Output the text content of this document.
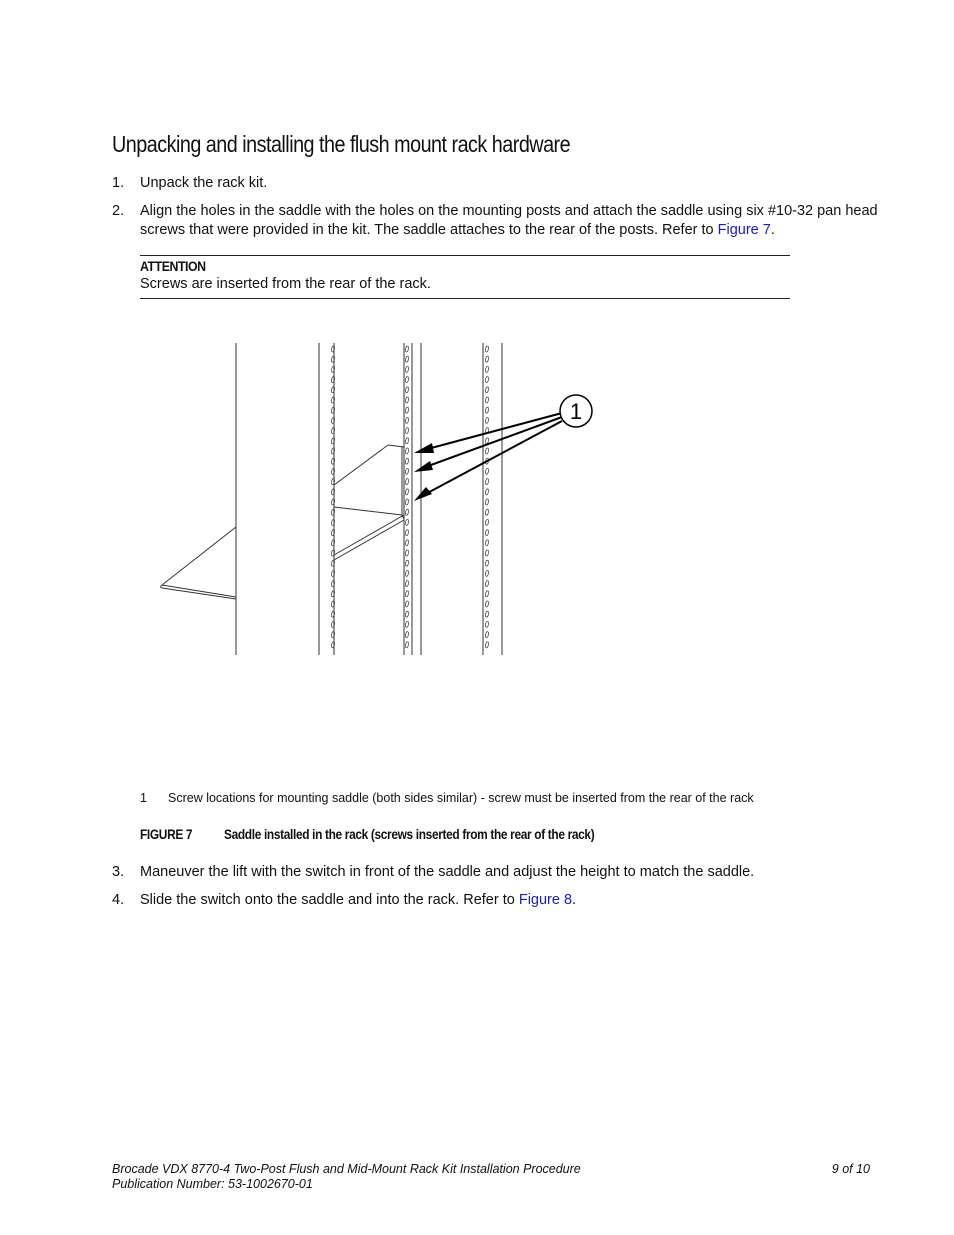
Unpacking and installing the flush mount rack hardware
1. Unpack the rack kit.
2. Align the holes in the saddle with the holes on the mounting posts and attach the saddle using six #10-32 pan head screws that were provided in the kit. The saddle attaches to the rear of the posts. Refer to Figure 7.
ATTENTION
Screws are inserted from the rear of the rack.
1
1 Screw locations for mounting saddle (both sides similar) - screw must be inserted from the rear of the rack
FIGURE 7 Saddle installed in the rack (screws inserted from the rear of the rack)
3. Maneuver the lift with the switch in front of the saddle and adjust the height to match the saddle.
4. Slide the switch onto the saddle and into the rack. Refer to Figure 8.
Brocade VDX 8770-4 Two-Post Flush and Mid-Mount Rack Kit Installation Procedure
Publication Number: 53-1002670-01
9 of 10
